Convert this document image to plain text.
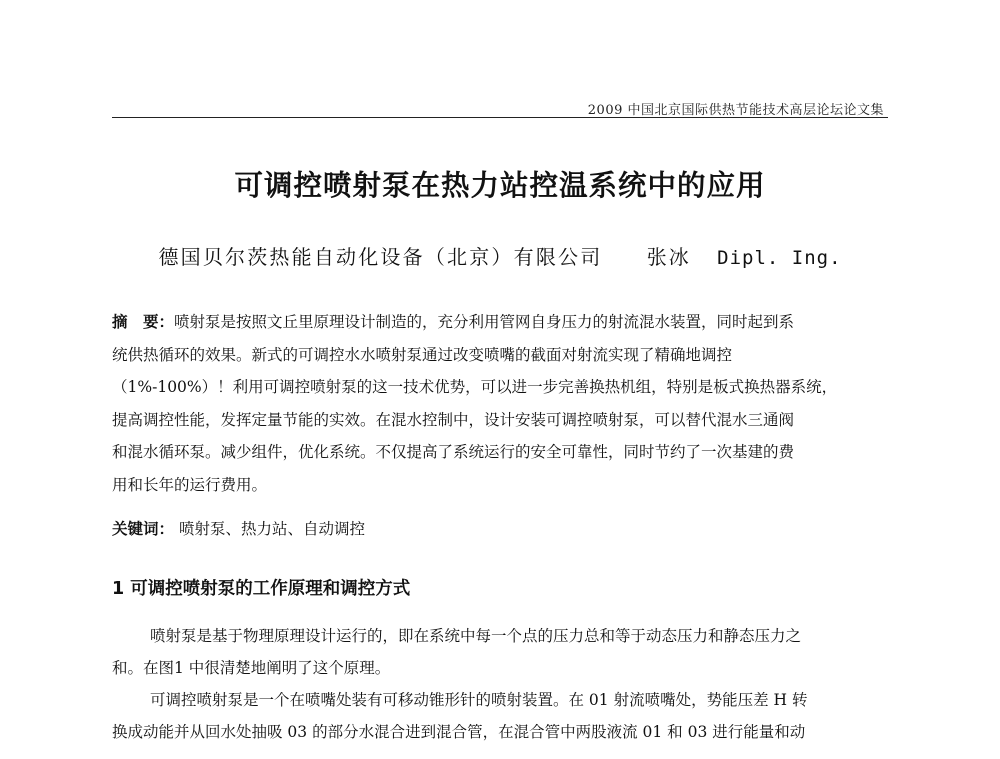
2009 中国北京国际供热节能技术高层论坛论文集
可调控喷射泵在热力站控温系统中的应用
德国贝尔茨热能自动化设备（北京）有限公司 张冰 Dipl. Ing.
摘　要：喷射泵是按照文丘里原理设计制造的，充分利用管网自身压力的射流混水装置，同时起到系
统供热循环的效果。新式的可调控水水喷射泵通过改变喷嘴的截面对射流实现了精确地调控
（1%-100%）！利用可调控喷射泵的这一技术优势，可以进一步完善换热机组，特别是板式换热器系统，
提高调控性能，发挥定量节能的实效。在混水控制中，设计安装可调控喷射泵，可以替代混水三通阀
和混水循环泵。减少组件，优化系统。不仅提高了系统运行的安全可靠性，同时节约了一次基建的费
用和长年的运行费用。
关键词： 喷射泵、热力站、自动调控
1 可调控喷射泵的工作原理和调控方式
喷射泵是基于物理原理设计运行的，即在系统中每一个点的压力总和等于动态压力和静态压力之
和。在图1 中很清楚地阐明了这个原理。
可调控喷射泵是一个在喷嘴处装有可移动锥形针的喷射装置。在 01 射流喷嘴处，势能压差 H 转
换成动能并从回水处抽吸 03 的部分水混合进到混合管，在混合管中两股液流 01 和 03 进行能量和动
